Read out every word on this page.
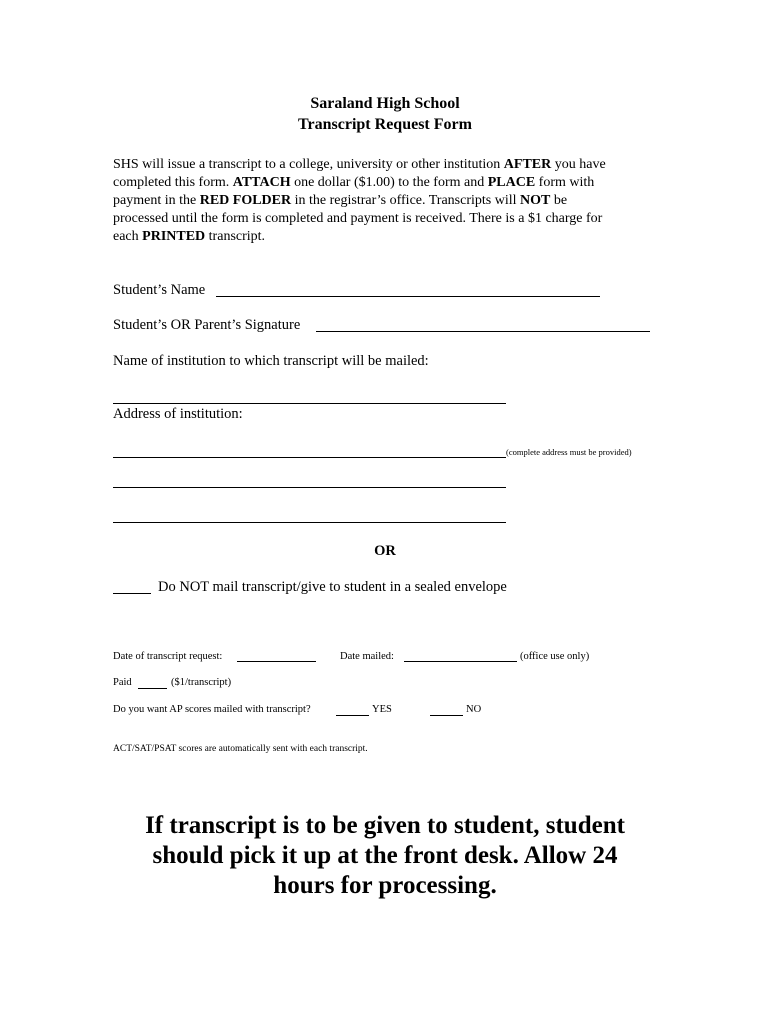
Saraland High School
Transcript Request Form
SHS will issue a transcript to a college, university or other institution AFTER you have
completed this form. ATTACH one dollar ($1.00) to the form and PLACE form with
payment in the RED FOLDER in the registrar’s office. Transcripts will NOT be
processed until the form is completed and payment is received. There is a $1 charge for
each PRINTED transcript.
Student’s Name
Student’s OR Parent’s Signature
Name of institution to which transcript will be mailed:
Address of institution:
(complete address must be provided)
OR
Do NOT mail transcript/give to student in a sealed envelope
Date of transcript request:	Date mailed:	(office use only)
Paid	($1/transcript)
Do you want AP scores mailed with transcript?	YES	NO
ACT/SAT/PSAT scores are automatically sent with each transcript.
If transcript is to be given to student, student should pick it up at the front desk. Allow 24 hours for processing.
